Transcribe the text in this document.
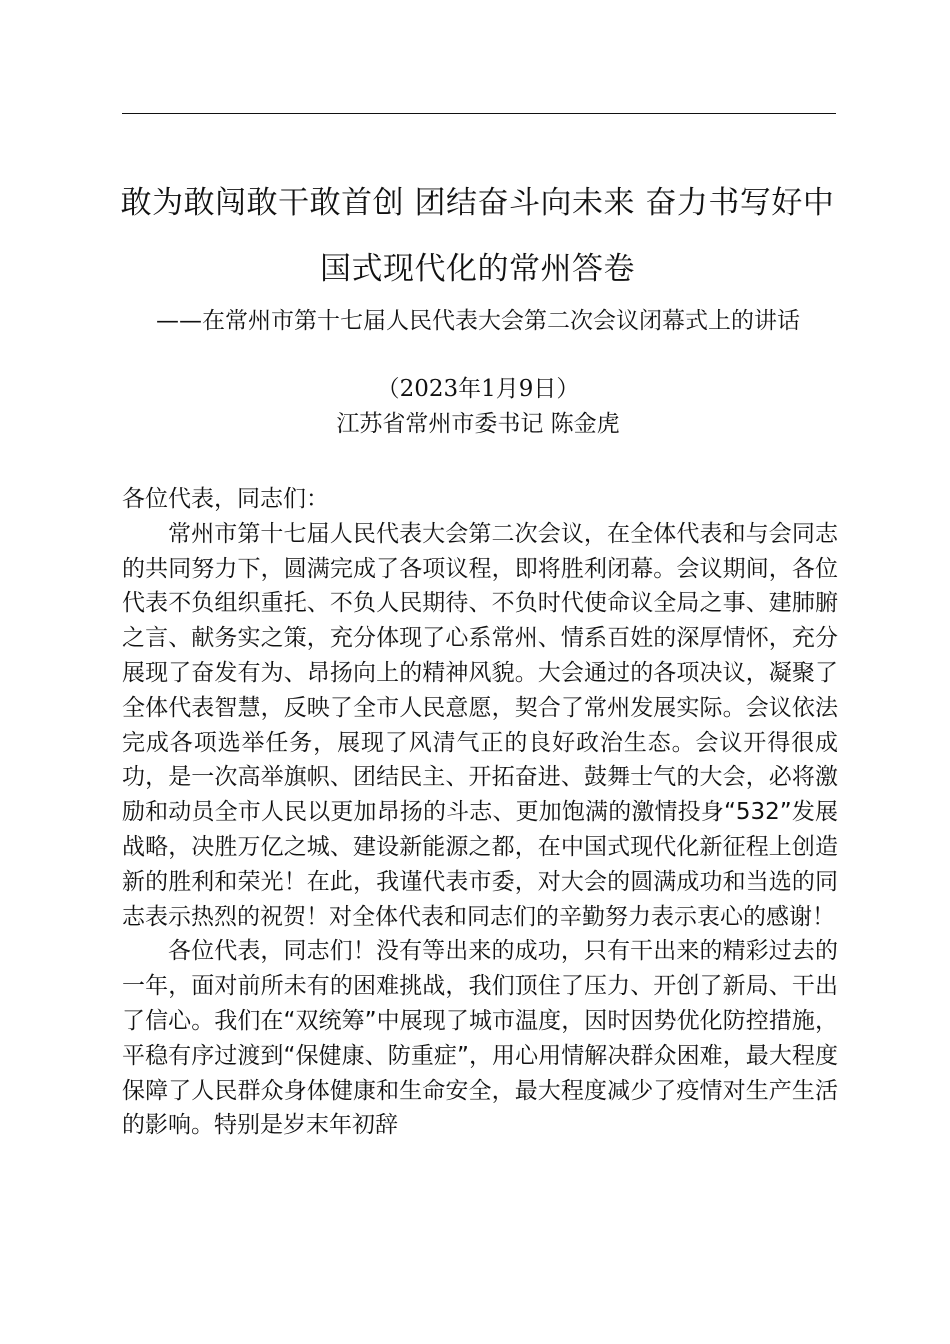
敢为敢闯敢干敢首创 团结奋斗向未来 奋力书写好中国式现代化的常州答卷

——在常州市第十七届人民代表大会第二次会议闭幕式上的讲话

（2023年1月9日）

江苏省常州市委书记 陈金虎

各位代表，同志们：

常州市第十七届人民代表大会第二次会议，在全体代表和与会同志的共同努力下，圆满完成了各项议程，即将胜利闭幕。会议期间，各位代表不负组织重托、不负人民期待、不负时代使命议全局之事、建肺腑之言、献务实之策，充分体现了心系常州、情系百姓的深厚情怀，充分展现了奋发有为、昂扬向上的精神风貌。大会通过的各项决议，凝聚了全体代表智慧，反映了全市人民意愿，契合了常州发展实际。会议依法完成各项选举任务，展现了风清气正的良好政治生态。会议开得很成功，是一次高举旗帜、团结民主、开拓奋进、鼓舞士气的大会，必将激励和动员全市人民以更加昂扬的斗志、更加饱满的激情投身“532”发展战略，决胜万亿之城、建设新能源之都，在中国式现代化新征程上创造新的胜利和荣光！在此，我谨代表市委，对大会的圆满成功和当选的同志表示热烈的祝贺！对全体代表和同志们的辛勤努力表示衷心的感谢！

各位代表，同志们！没有等出来的成功，只有干出来的精彩过去的一年，面对前所未有的困难挑战，我们顶住了压力、开创了新局、干出了信心。我们在“双统筹”中展现了城市温度，因时因势优化防控措施，平稳有序过渡到“保健康、防重症”，用心用情解决群众困难，最大程度保障了人民群众身体健康和生命安全，最大程度减少了疫情对生产生活的影响。特别是岁末年初辞
